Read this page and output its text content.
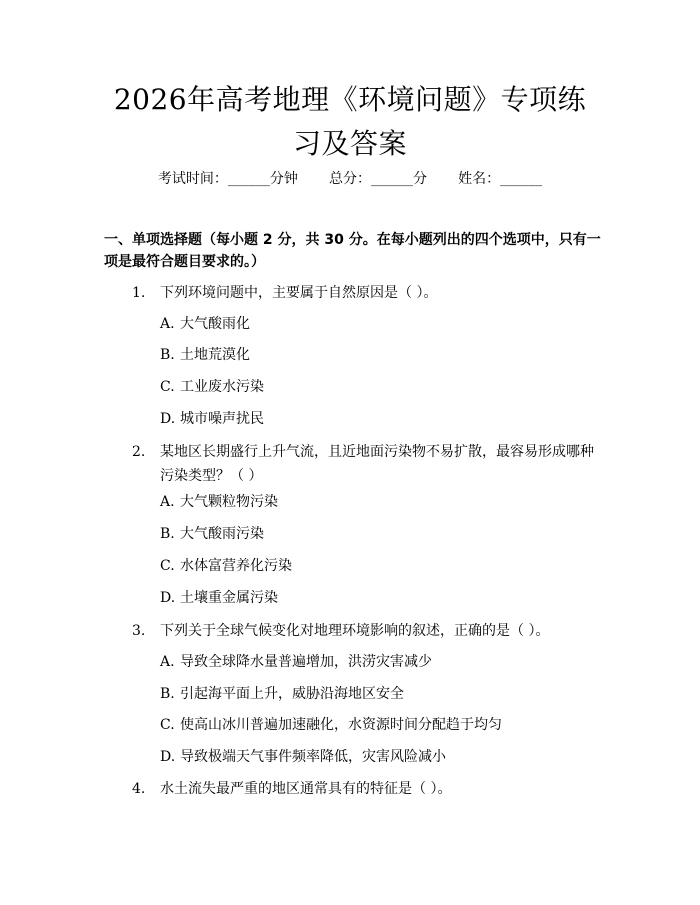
2026年高考地理《环境问题》专项练习及答案
考试时间：______分钟 总分：______分 姓名：______
一、单项选择题（每小题 2 分，共 30 分。在每小题列出的四个选项中，只有一项是最符合题目要求的。）
1. 下列环境问题中，主要属于自然原因是（ ）。
A. 大气酸雨化
B. 土地荒漠化
C. 工业废水污染
D. 城市噪声扰民
2. 某地区长期盛行上升气流，且近地面污染物不易扩散，最容易形成哪种污染类型？（ ）
A. 大气颗粒物污染
B. 大气酸雨污染
C. 水体富营养化污染
D. 土壤重金属污染
3. 下列关于全球气候变化对地理环境影响的叙述，正确的是（ ）。
A. 导致全球降水量普遍增加，洪涝灾害减少
B. 引起海平面上升，威胁沿海地区安全
C. 使高山冰川普遍加速融化，水资源时间分配趋于均匀
D. 导致极端天气事件频率降低，灾害风险减小
4. 水土流失最严重的地区通常具有的特征是（ ）。
